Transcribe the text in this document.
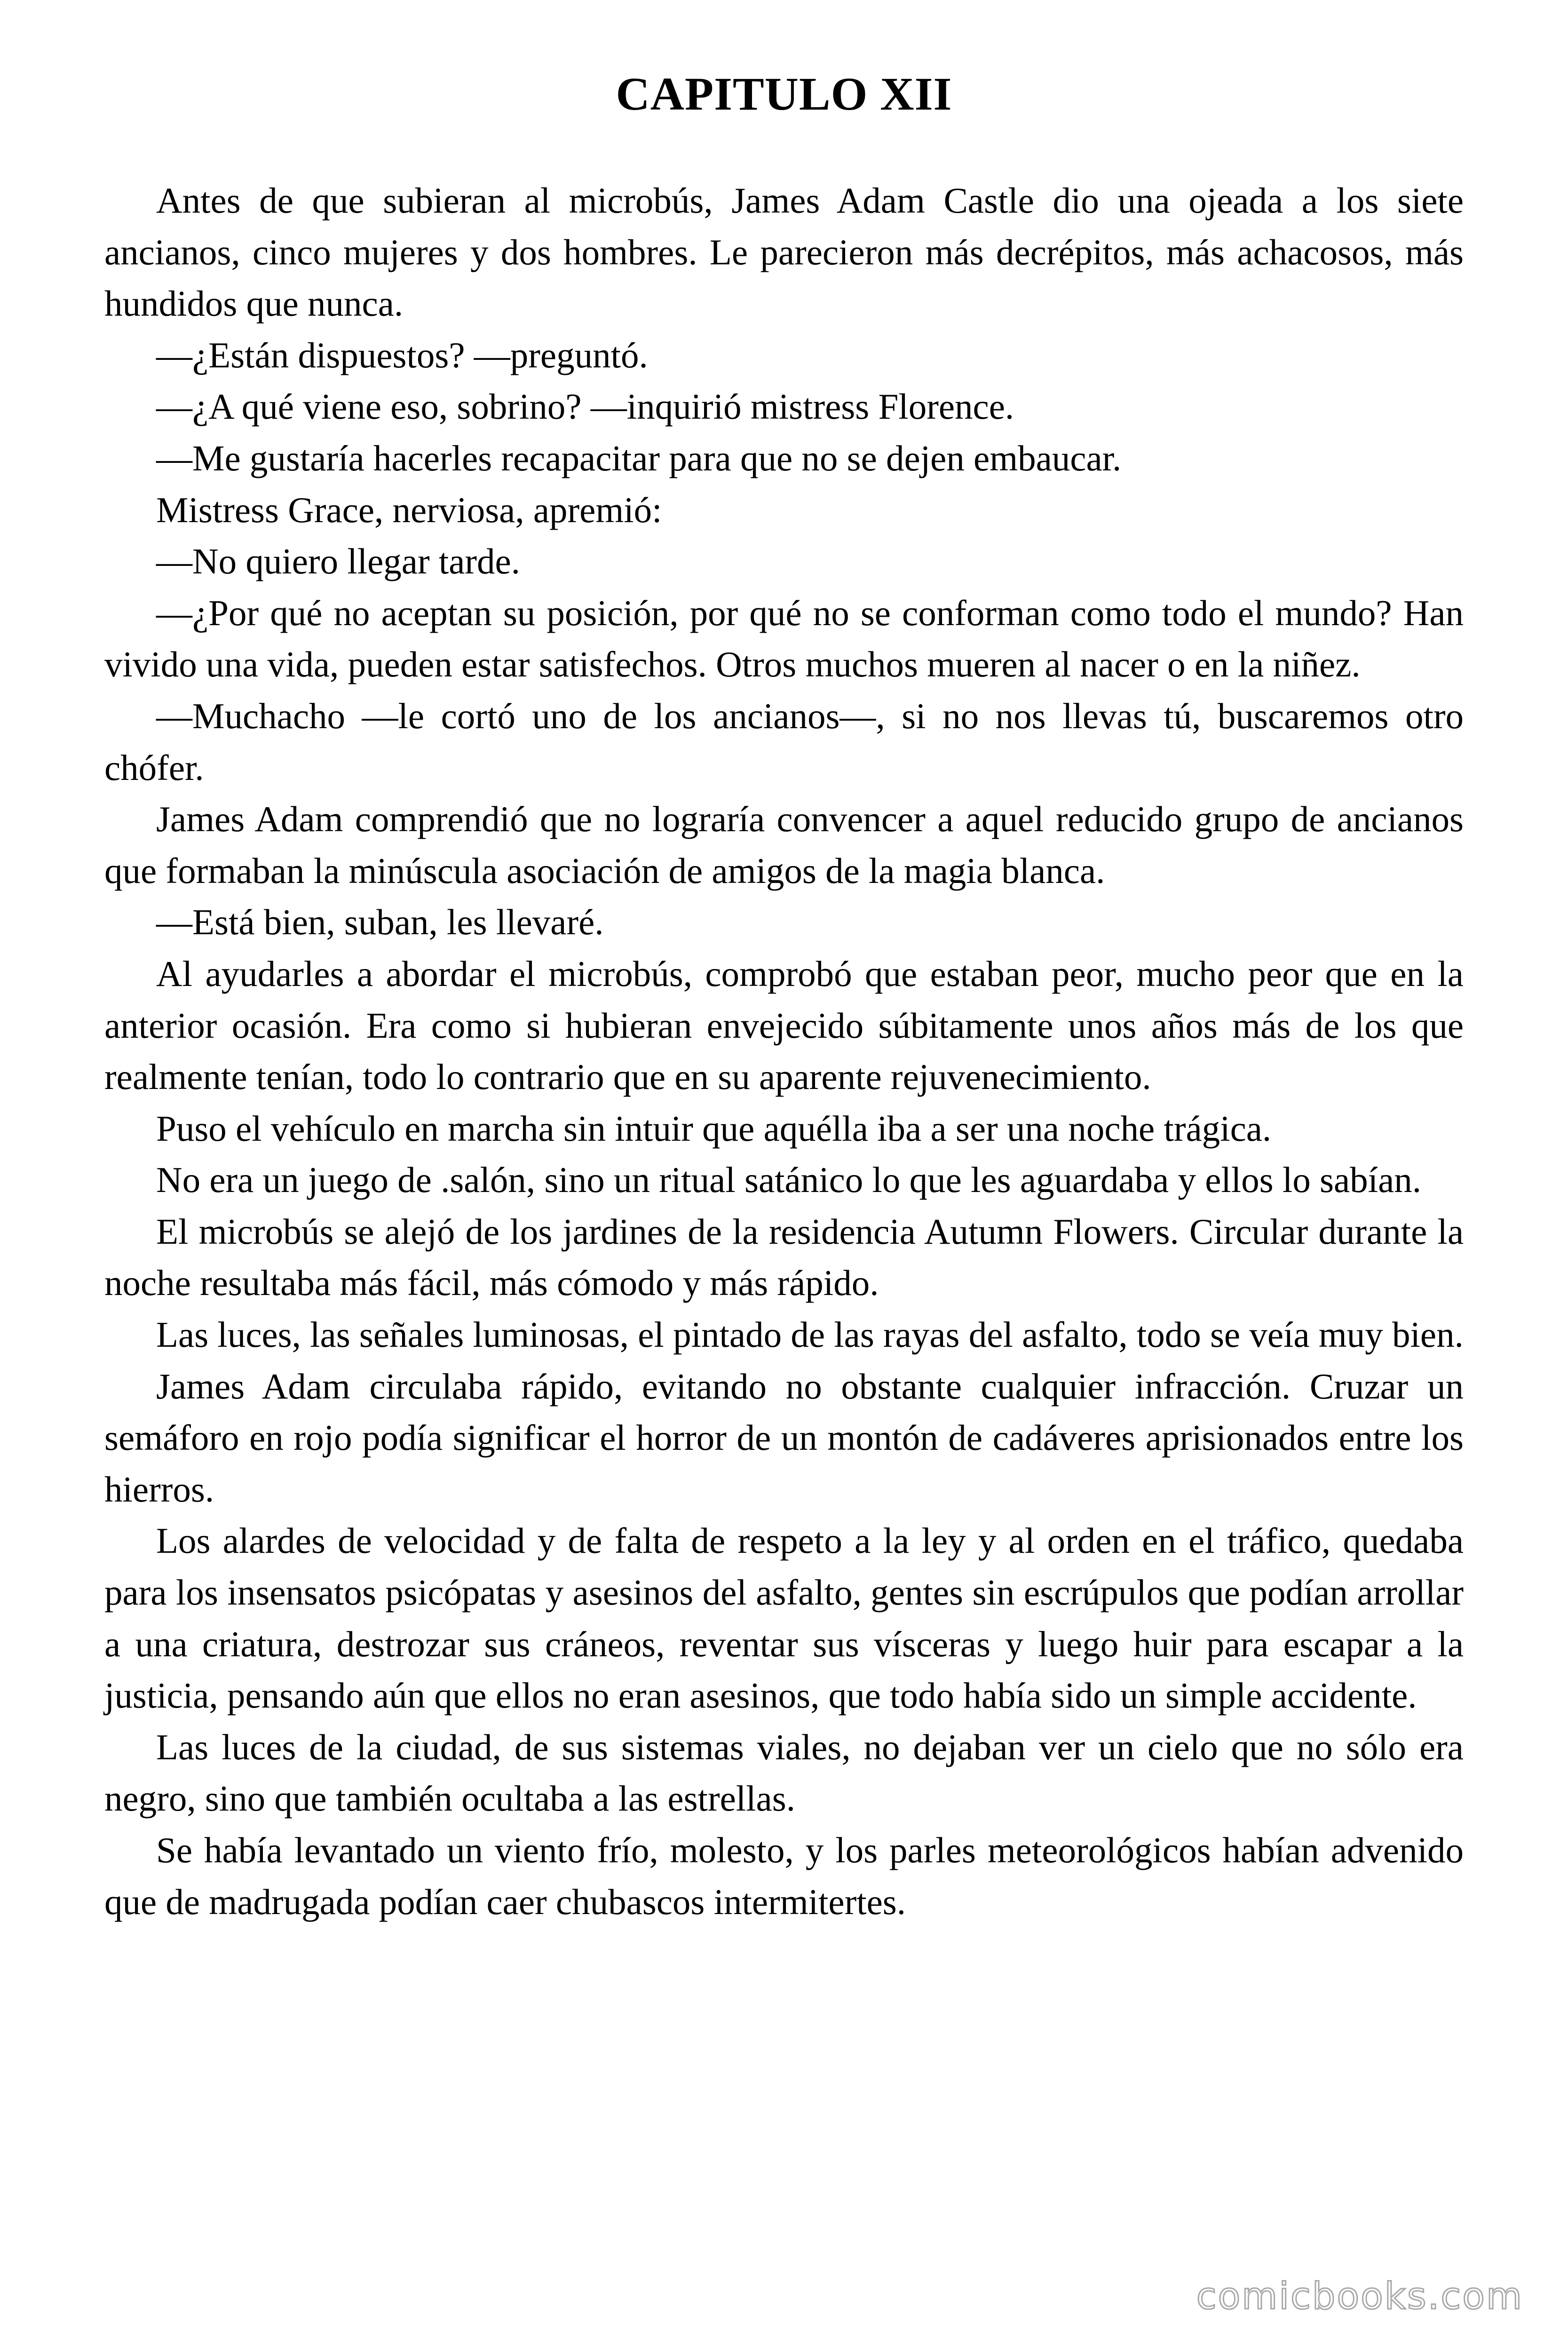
CAPITULO XII

Antes de que subieran al microbús, James Adam Castle dio una ojeada a los siete ancianos, cinco mujeres y dos hombres. Le parecieron más decrépitos, más achacosos, más hundidos que nunca.

—¿Están dispuestos? —preguntó.

—¿A qué viene eso, sobrino? —inquirió mistress Florence.

—Me gustaría hacerles recapacitar para que no se dejen embaucar.

Mistress Grace, nerviosa, apremió:

—No quiero llegar tarde.

—¿Por qué no aceptan su posición, por qué no se conforman como todo el mundo? Han vivido una vida, pueden estar satisfechos. Otros muchos mueren al nacer o en la niñez.

—Muchacho —le cortó uno de los ancianos—, si no nos llevas tú, buscaremos otro chófer.

James Adam comprendió que no lograría convencer a aquel reducido grupo de ancianos que formaban la minúscula asociación de amigos de la magia blanca.

—Está bien, suban, les llevaré.

Al ayudarles a abordar el microbús, comprobó que estaban peor, mucho peor que en la anterior ocasión. Era como si hubieran envejecido súbitamente unos años más de los que realmente tenían, todo lo contrario que en su aparente rejuvenecimiento.

Puso el vehículo en marcha sin intuir que aquélla iba a ser una noche trágica.

No era un juego de .salón, sino un ritual satánico lo que les aguardaba y ellos lo sabían.

El microbús se alejó de los jardines de la residencia Autumn Flowers. Circular durante la noche resultaba más fácil, más cómodo y más rápido.

Las luces, las señales luminosas, el pintado de las rayas del asfalto, todo se veía muy bien.

James Adam circulaba rápido, evitando no obstante cualquier infracción. Cruzar un semáforo en rojo podía significar el horror de un montón de cadáveres aprisionados entre los hierros.

Los alardes de velocidad y de falta de respeto a la ley y al orden en el tráfico, quedaba para los insensatos psicópatas y asesinos del asfalto, gentes sin escrúpulos que podían arrollar a una criatura, destrozar sus cráneos, reventar sus vísceras y luego huir para escapar a la justicia, pensando aún que ellos no eran asesinos, que todo había sido un simple accidente.

Las luces de la ciudad, de sus sistemas viales, no dejaban ver un cielo que no sólo era negro, sino que también ocultaba a las estrellas.

Se había levantado un viento frío, molesto, y los parles meteorológicos habían advenido que de madrugada podían caer chubascos intermitertes.

comicbooks.com
